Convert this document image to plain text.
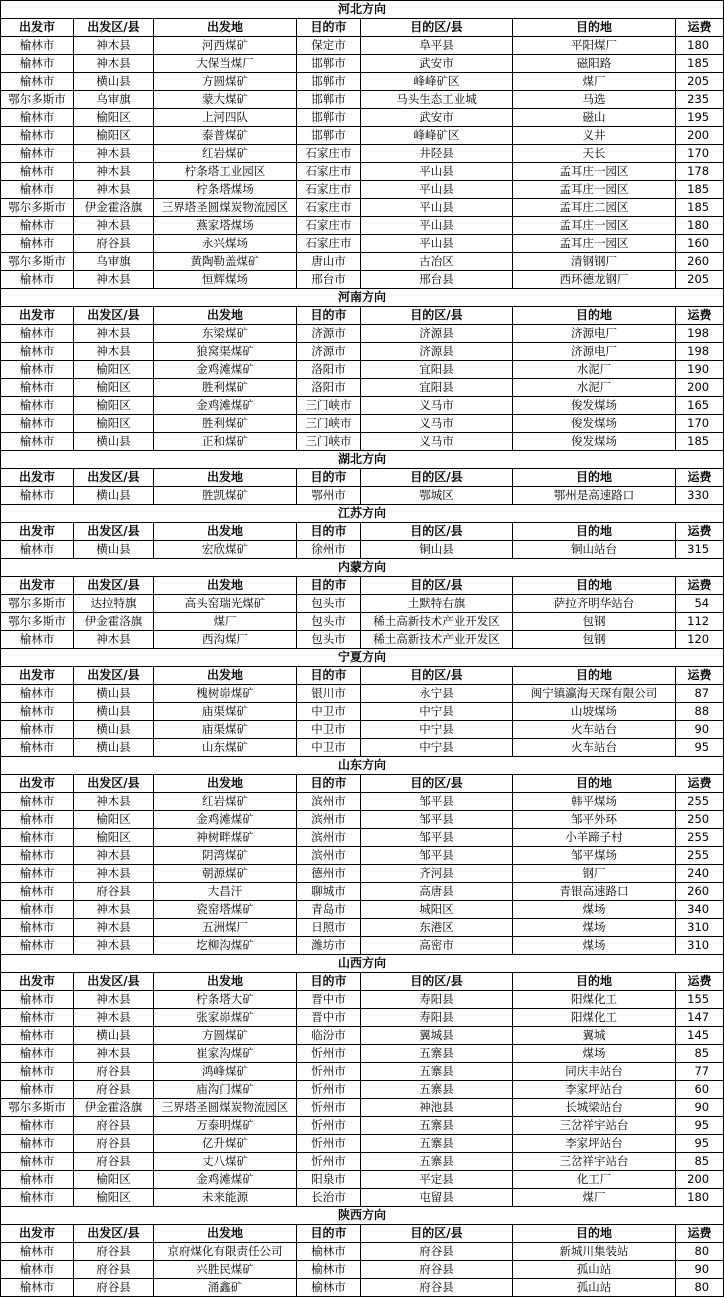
河北方向						
出发市	出发区/县	出发地	目的市	目的区/县	目的地	运费
榆林市	神木县	河西煤矿	保定市	阜平县	平阳煤厂	180
榆林市	神木县	大保当煤厂	邯郸市	武安市	磁阳路	185
榆林市	横山县	方圆煤矿	邯郸市	峰峰矿区	煤厂	205
鄂尔多斯市	乌审旗	蒙大煤矿	邯郸市	马头生态工业城	马选	235
榆林市	榆阳区	上河四队	邯郸市	武安市	磁山	195
榆林市	榆阳区	泰普煤矿	邯郸市	峰峰矿区	义井	200
榆林市	神木县	红岩煤矿	石家庄市	井陉县	天长	170
榆林市	神木县	柠条塔工业园区	石家庄市	平山县	孟耳庄一园区	178
榆林市	神木县	柠条塔煤场	石家庄市	平山县	孟耳庄一园区	185
鄂尔多斯市	伊金霍洛旗	三界塔圣圆煤炭物流园区	石家庄市	平山县	孟耳庄二园区	185
榆林市	神木县	燕家塔煤场	石家庄市	平山县	孟耳庄一园区	180
榆林市	府谷县	永兴煤场	石家庄市	平山县	孟耳庄一园区	160
鄂尔多斯市	乌审旗	黄陶勒盖煤矿	唐山市	古冶区	清钢钢厂	260
榆林市	神木县	恒辉煤场	邢台市	邢台县	西环德龙钢厂	205
河南方向						
出发市	出发区/县	出发地	目的市	目的区/县	目的地	运费
榆林市	神木县	东梁煤矿	济源市	济源县	济源电厂	198
榆林市	神木县	狼窝渠煤矿	济源市	济源县	济源电厂	198
榆林市	榆阳区	金鸡滩煤矿	洛阳市	宜阳县	水泥厂	190
榆林市	榆阳区	胜利煤矿	洛阳市	宜阳县	水泥厂	200
榆林市	榆阳区	金鸡滩煤矿	三门峡市	义马市	俊发煤场	165
榆林市	榆阳区	胜利煤矿	三门峡市	义马市	俊发煤场	170
榆林市	横山县	正和煤矿	三门峡市	义马市	俊发煤场	185
湖北方向						
出发市	出发区/县	出发地	目的市	目的区/县	目的地	运费
榆林市	横山县	胜凯煤矿	鄂州市	鄂城区	鄂州是高速路口	330
江苏方向						
出发市	出发区/县	出发地	目的市	目的区/县	目的地	运费
榆林市	横山县	宏欣煤矿	徐州市	铜山县	铜山站台	315
内蒙方向						
出发市	出发区/县	出发地	目的市	目的区/县	目的地	运费
鄂尔多斯市	达拉特旗	高头窑瑞光煤矿	包头市	土默特右旗	萨拉齐明华站台	54
鄂尔多斯市	伊金霍洛旗	煤厂	包头市	稀土高新技术产业开发区	包钢	112
榆林市	神木县	西沟煤厂	包头市	稀土高新技术产业开发区	包钢	120
宁夏方向						
出发市	出发区/县	出发地	目的市	目的区/县	目的地	运费
榆林市	横山县	槐树峁煤矿	银川市	永宁县	闽宁镇瀛海天琛有限公司	87
榆林市	横山县	庙渠煤矿	中卫市	中宁县	山坡煤场	88
榆林市	横山县	庙渠煤矿	中卫市	中宁县	火车站台	90
榆林市	横山县	山东煤矿	中卫市	中宁县	火车站台	95
山东方向						
出发市	出发区/县	出发地	目的市	目的区/县	目的地	运费
榆林市	神木县	红岩煤矿	滨州市	邹平县	韩平煤场	255
榆林市	榆阳区	金鸡滩煤矿	滨州市	邹平县	邹平外环	250
榆林市	榆阳区	神树畔煤矿	滨州市	邹平县	小羊蹄子村	255
榆林市	神木县	阴湾煤矿	滨州市	邹平县	邹平煤场	255
榆林市	神木县	朝源煤矿	德州市	齐河县	钢厂	240
榆林市	府谷县	大昌汗	聊城市	高唐县	青银高速路口	260
榆林市	神木县	瓷窑塔煤矿	青岛市	城阳区	煤场	340
榆林市	神木县	五洲煤厂	日照市	东港区	煤场	310
榆林市	神木县	圪柳沟煤矿	潍坊市	高密市	煤场	310
山西方向						
出发市	出发区/县	出发地	目的市	目的区/县	目的地	运费
榆林市	神木县	柠条塔大矿	晋中市	寿阳县	阳煤化工	155
榆林市	神木县	张家峁煤矿	晋中市	寿阳县	阳煤化工	147
榆林市	横山县	方圆煤矿	临汾市	翼城县	翼城	145
榆林市	神木县	崔家沟煤矿	忻州市	五寨县	煤场	85
榆林市	府谷县	鸿峰煤矿	忻州市	五寨县	同庆丰站台	77
榆林市	府谷县	庙沟门煤矿	忻州市	五寨县	李家坪站台	60
鄂尔多斯市	伊金霍洛旗	三界塔圣圆煤炭物流园区	忻州市	神池县	长城梁站台	90
榆林市	府谷县	万泰明煤矿	忻州市	五寨县	三岔祥宇站台	95
榆林市	府谷县	亿升煤矿	忻州市	五寨县	李家坪站台	95
榆林市	府谷县	丈八煤矿	忻州市	五寨县	三岔祥宇站台	85
榆林市	榆阳区	金鸡滩煤矿	阳泉市	平定县	化工厂	200
榆林市	榆阳区	未来能源	长治市	屯留县	煤厂	180
陕西方向						
出发市	出发区/县	出发地	目的市	目的区/县	目的地	运费
榆林市	府谷县	京府煤化有限责任公司	榆林市	府谷县	新城川集装站	80
榆林市	府谷县	兴胜民煤矿	榆林市	府谷县	孤山站	90
榆林市	府谷县	涌鑫矿	榆林市	府谷县	孤山站	80
